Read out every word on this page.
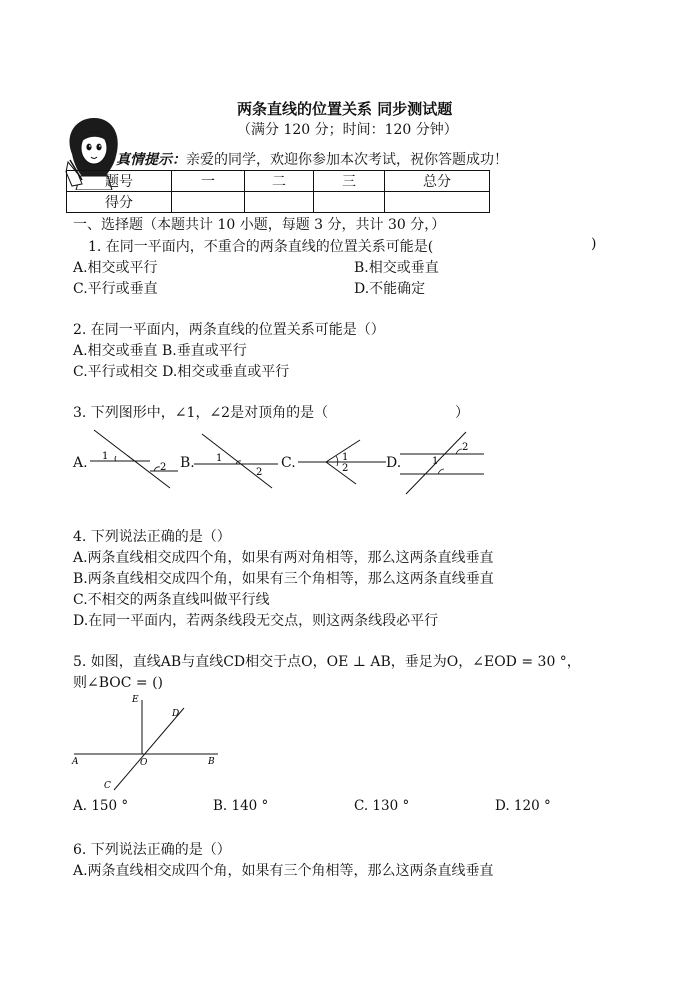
两条直线的位置关系 同步测试题
（满分 120 分；时间：120 分钟）
真情提示：亲爱的同学，欢迎你参加本次考试，祝你答题成功！
题号	一	二	三	总分
得分				
一、选择题（本题共计 10 小题，每题 3 分，共计 30 分，）
1. 在同一平面内，不重合的两条直线的位置关系可能是(	)
A.相交或平行	B.相交或垂直
C.平行或垂直	D.不能确定
2. 在同一平面内，两条直线的位置关系可能是（）
A.相交或垂直 B.垂直或平行
C.平行或相交 D.相交或垂直或平行
3. 下列图形中，∠1，∠2是对顶角的是（	）
A.	B.	C.	D.
1
2
1
2
1
2
1
2
4. 下列说法正确的是（）
A.两条直线相交成四个角，如果有两对角相等，那么这两条直线垂直
B.两条直线相交成四个角，如果有三个角相等，那么这两条直线垂直
C.不相交的两条直线叫做平行线
D.在同一平面内，若两条线段无交点，则这两条线段必平行
5. 如图，直线AB与直线CD相交于点O，OE ⊥ AB，垂足为O，∠EOD = 30 °，
则∠BOC = ()
E
D
A	O	B
C
A. 150 °	B. 140 °	C. 130 °	D. 120 °
6. 下列说法正确的是（）
A.两条直线相交成四个角，如果有三个角相等，那么这两条直线垂直
